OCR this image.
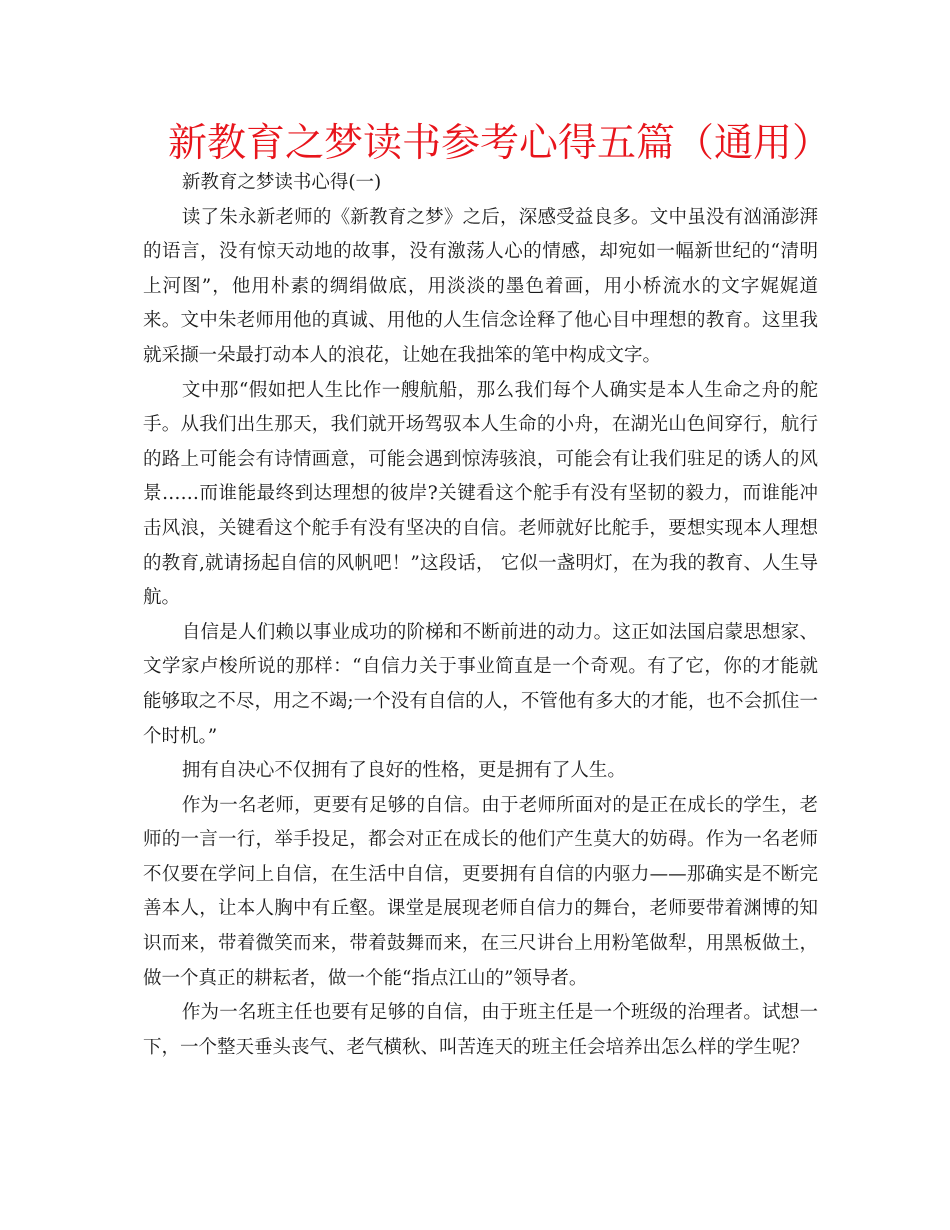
新教育之梦读书参考心得五篇（通用）

新教育之梦读书心得(一)

读了朱永新老师的《新教育之梦》之后，深感受益良多。文中虽没有汹涌澎湃的语言，没有惊天动地的故事，没有激荡人心的情感，却宛如一幅新世纪的“清明上河图”，他用朴素的绸绢做底，用淡淡的墨色着画，用小桥流水的文字娓娓道来。文中朱老师用他的真诚、用他的人生信念诠释了他心目中理想的教育。这里我就采撷一朵最打动本人的浪花，让她在我拙笨的笔中构成文字。

文中那“假如把人生比作一艘航船，那么我们每个人确实是本人生命之舟的舵手。从我们出生那天，我们就开场驾驭本人生命的小舟，在湖光山色间穿行，航行的路上可能会有诗情画意，可能会遇到惊涛骇浪，可能会有让我们驻足的诱人的风景……而谁能最终到达理想的彼岸?关键看这个舵手有没有坚韧的毅力，而谁能冲击风浪，关键看这个舵手有没有坚决的自信。老师就好比舵手，要想实现本人理想的教育,就请扬起自信的风帆吧！”这段话， 它似一盏明灯，在为我的教育、人生导航。

自信是人们赖以事业成功的阶梯和不断前进的动力。这正如法国启蒙思想家、文学家卢梭所说的那样：“自信力关于事业简直是一个奇观。有了它，你的才能就能够取之不尽，用之不竭;一个没有自信的人，不管他有多大的才能，也不会抓住一个时机。”

拥有自决心不仅拥有了良好的性格，更是拥有了人生。

作为一名老师，更要有足够的自信。由于老师所面对的是正在成长的学生，老师的一言一行，举手投足，都会对正在成长的他们产生莫大的妨碍。作为一名老师不仅要在学问上自信，在生活中自信，更要拥有自信的内驱力——那确实是不断完善本人，让本人胸中有丘壑。课堂是展现老师自信力的舞台，老师要带着渊博的知识而来，带着微笑而来，带着鼓舞而来，在三尺讲台上用粉笔做犁，用黑板做土，做一个真正的耕耘者，做一个能“指点江山的”领导者。

作为一名班主任也要有足够的自信，由于班主任是一个班级的治理者。试想一下，一个整天垂头丧气、老气横秋、叫苦连天的班主任会培养出怎么样的学生呢？
